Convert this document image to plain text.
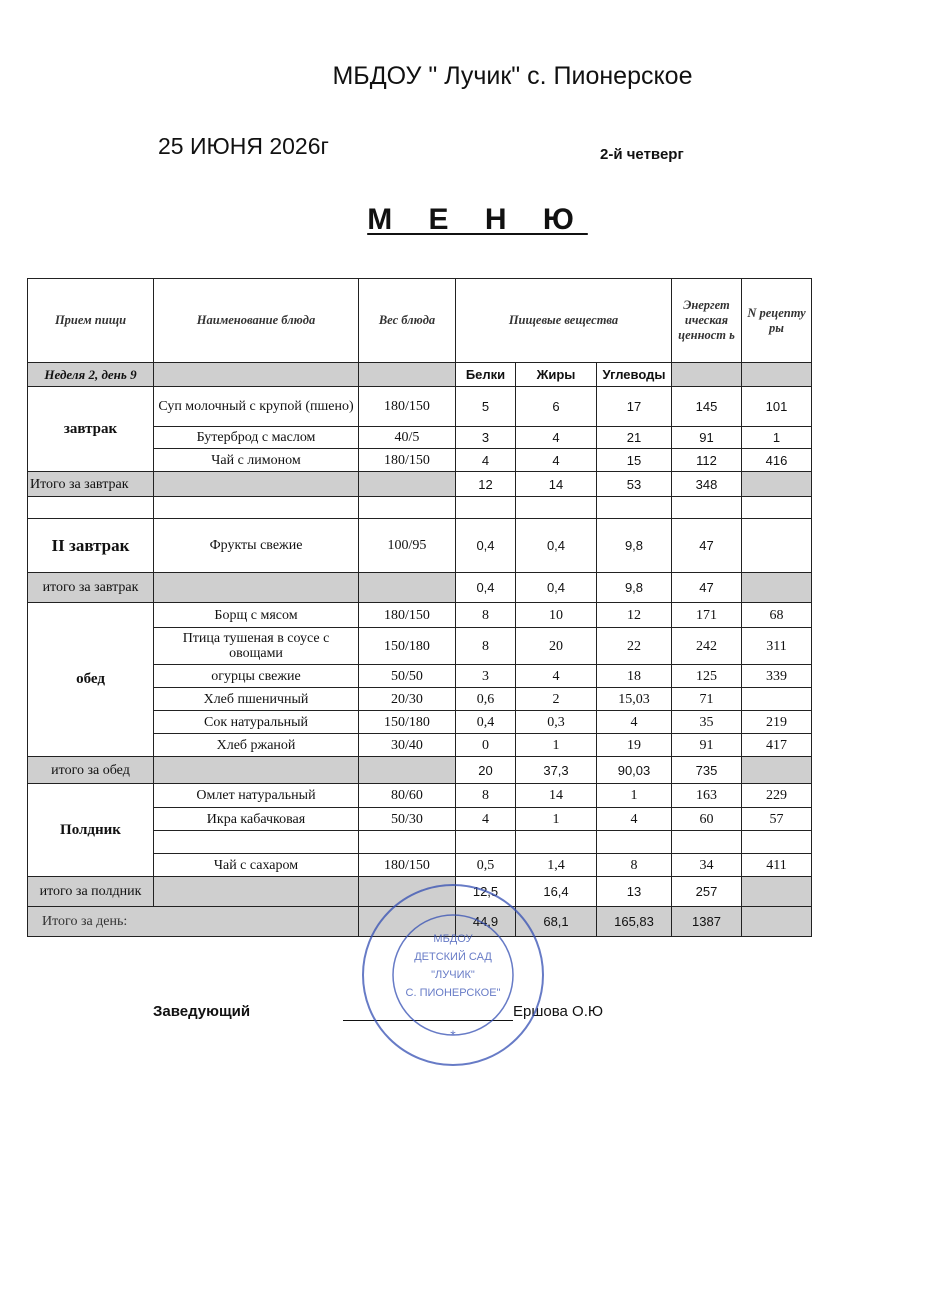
МБДОУ " Лучик" с. Пионерское
25 ИЮНЯ 2026г	2-й четверг
М Е Н Ю
Прием пищи	Наименование блюда	Вес блюда	Пищевые вещества			Энергет ическая ценност ь	N рецепту ры
Неделя 2, день 9			Белки	Жиры	Углеводы		
завтрак	Суп молочный с крупой (пшено)	180/150	5	6	17	145	101
	Бутерброд с маслом	40/5	3	4	21	91	1
	Чай с лимоном	180/150	4	4	15	112	416
Итого за завтрак			12	14	53	348	

II завтрак	Фрукты свежие	100/95	0,4	0,4	9,8	47	
итого за завтрак			0,4	0,4	9,8	47	
обед	Борщ с мясом	180/150	8	10	12	171	68
	Птица тушеная в соусе с овощами	150/180	8	20	22	242	311
	огурцы свежие	50/50	3	4	18	125	339
	Хлеб пшеничный	20/30	0,6	2	15,03	71	
	Сок натуральный	150/180	0,4	0,3	4	35	219
	Хлеб ржаной	30/40	0	1	19	91	417
итого за обед			20	37,3	90,03	735	
Полдник	Омлет натуральный	80/60	8	14	1	163	229
	Икра кабачковая	50/30	4	1	4	60	57

	Чай с сахаром	180/150	0,5	1,4	8	34	411
итого за полдник			12,5	16,4	13	257	
Итого за день:			44,9	68,1	165,83	1387	
Заведующий	Ершова О.Ю
МБДОУ
ДЕТСКИЙ САД
"ЛУЧИК"
С. ПИОНЕРСКОЕ"
*
